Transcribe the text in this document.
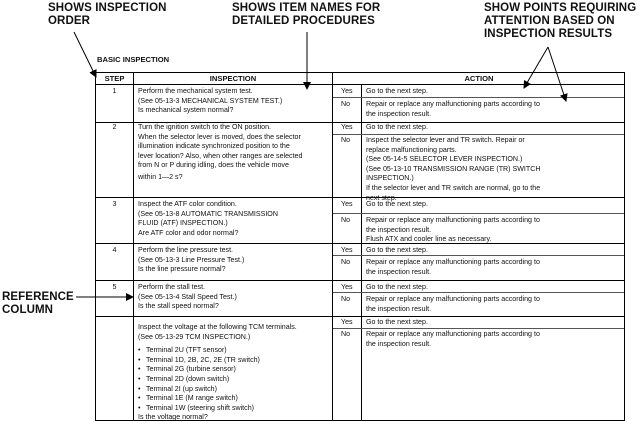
SHOWS INSPECTION
ORDER
SHOWS ITEM NAMES FOR
DETAILED PROCEDURES
SHOW POINTS REQUIRING
ATTENTION BASED ON
INSPECTION RESULTS
REFERENCE
COLUMN
BASIC INSPECTION
STEP	INSPECTION	ACTION
1	Perform the mechanical system test.
(See 05-13-3 MECHANICAL SYSTEM TEST.)
Is mechanical system normal?
Yes Go to the next step.
No Repair or replace any malfunctioning parts according to
the inspection result.
2	Turn the ignition switch to the ON position.
When the selector lever is moved, does the selector
illumination indicate synchronized position to the
lever location? Also, when other ranges are selected
from N or P during idling, does the vehicle move
within 1—2 s?
Yes Go to the next step.
No Inspect the selector lever and TR switch. Repair or
replace malfunctioning parts.
(See 05-14-5 SELECTOR LEVER INSPECTION.)
(See 05-13-10 TRANSMISSION RANGE (TR) SWITCH
INSPECTION.)
If the selector lever and TR switch are normal, go to the
next step.
3	Inspect the ATF color condition.
(See 05-13-8 AUTOMATIC TRANSMISSION
FLUID (ATF) INSPECTION.)
Are ATF color and odor normal?
Yes Go to the next step.
No Repair or replace any malfunctioning parts according to
the inspection result.
Flush ATX and cooler line as necessary.
4	Perform the line pressure test.
(See 05-13-3 Line Pressure Test.)
Is the line pressure normal?
Yes Go to the next step.
No Repair or replace any malfunctioning parts according to
the inspection result.
5	Perform the stall test.
(See 05-13-4 Stall Speed Test.)
Is the stall speed normal?
Yes Go to the next step.
No Repair or replace any malfunctioning parts according to
the inspection result.
Inspect the voltage at the following TCM terminals.
(See 05-13-29 TCM INSPECTION.)
• Terminal 2U (TFT sensor)
• Terminal 1D, 2B, 2C, 2E (TR switch)
• Terminal 2G (turbine sensor)
• Terminal 2D (down switch)
• Terminal 2I (up switch)
• Terminal 1E (M range switch)
• Terminal 1W (steering shift switch)
Is the voltage normal?
Yes Go to the next step.
No Repair or replace any malfunctioning parts according to
the inspection result.
